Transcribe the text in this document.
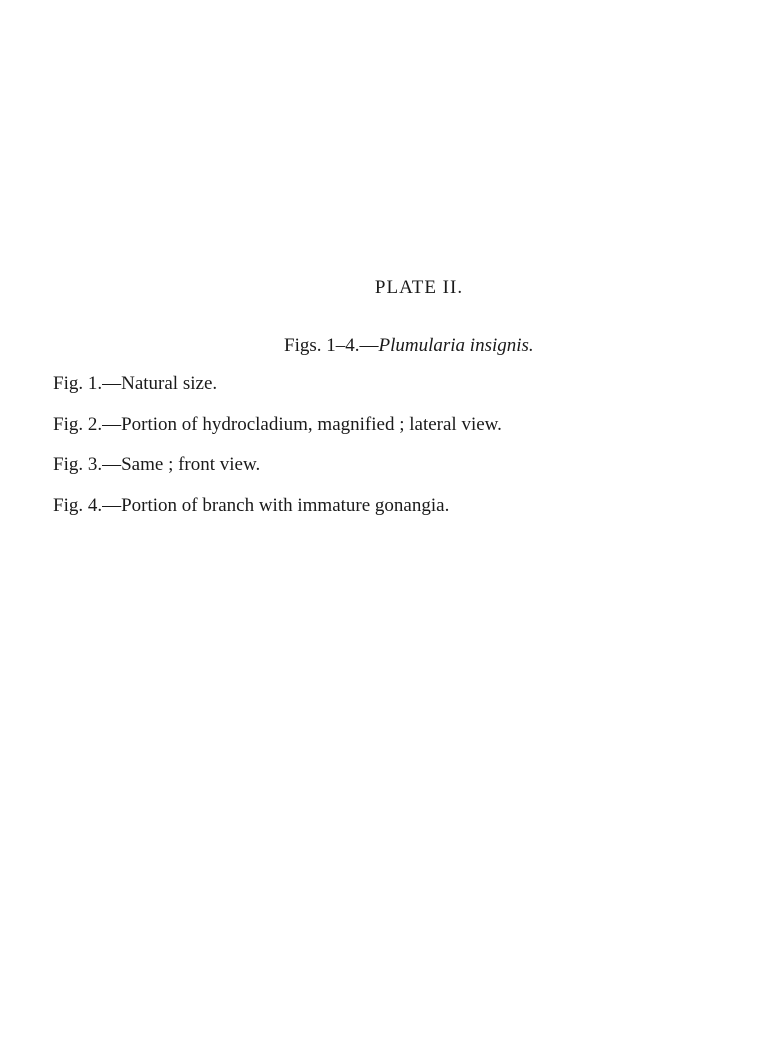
PLATE II.
Figs. 1–4.—Plumularia insignis.
Fig. 1.—Natural size.
Fig. 2.—Portion of hydrocladium, magnified ; lateral view.
Fig. 3.—Same ; front view.
Fig. 4.—Portion of branch with immature gonangia.
